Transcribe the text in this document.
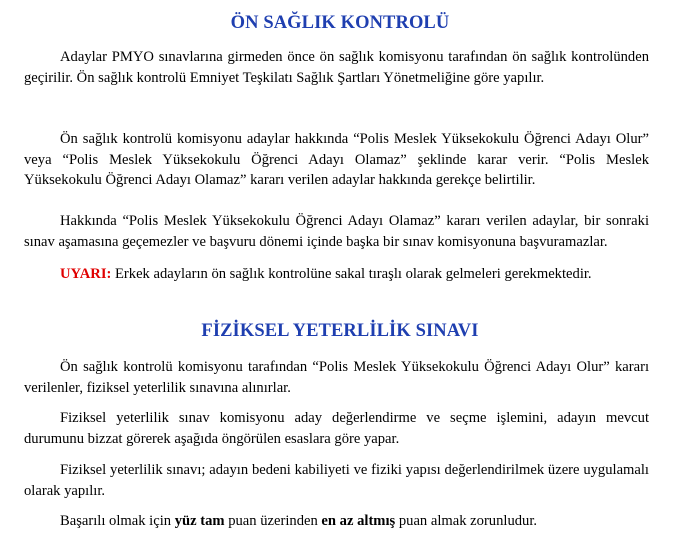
ÖN SAĞLIK KONTROLÜ

Adaylar PMYO sınavlarına girmeden önce ön sağlık komisyonu tarafından ön sağlık kontrolünden geçirilir. Ön sağlık kontrolü Emniyet Teşkilatı Sağlık Şartları Yönetmeliğine göre yapılır.

Ön sağlık kontrolü komisyonu adaylar hakkında “Polis Meslek Yüksekokulu Öğrenci Adayı Olur” veya “Polis Meslek Yüksekokulu Öğrenci Adayı Olamaz” şeklinde karar verir. “Polis Meslek Yüksekokulu Öğrenci Adayı Olamaz” kararı verilen adaylar hakkında gerekçe belirtilir.

Hakkında “Polis Meslek Yüksekokulu Öğrenci Adayı Olamaz” kararı verilen adaylar, bir sonraki sınav aşamasına geçemezler ve başvuru dönemi içinde başka bir sınav komisyonuna başvuramazlar.

UYARI: Erkek adayların ön sağlık kontrolüne sakal tıraşlı olarak gelmeleri gerekmektedir.

FİZİKSEL YETERLİLİK SINAVI

Ön sağlık kontrolü komisyonu tarafından “Polis Meslek Yüksekokulu Öğrenci Adayı Olur” kararı verilenler, fiziksel yeterlilik sınavına alınırlar.

Fiziksel yeterlilik sınav komisyonu aday değerlendirme ve seçme işlemini, adayın mevcut durumunu bizzat görerek aşağıda öngörülen esaslara göre yapar.

Fiziksel yeterlilik sınavı; adayın bedeni kabiliyeti ve fiziki yapısı değerlendirilmek üzere uygulamalı olarak yapılır.

Başarılı olmak için yüz tam puan üzerinden en az altmış puan almak zorunludur.
